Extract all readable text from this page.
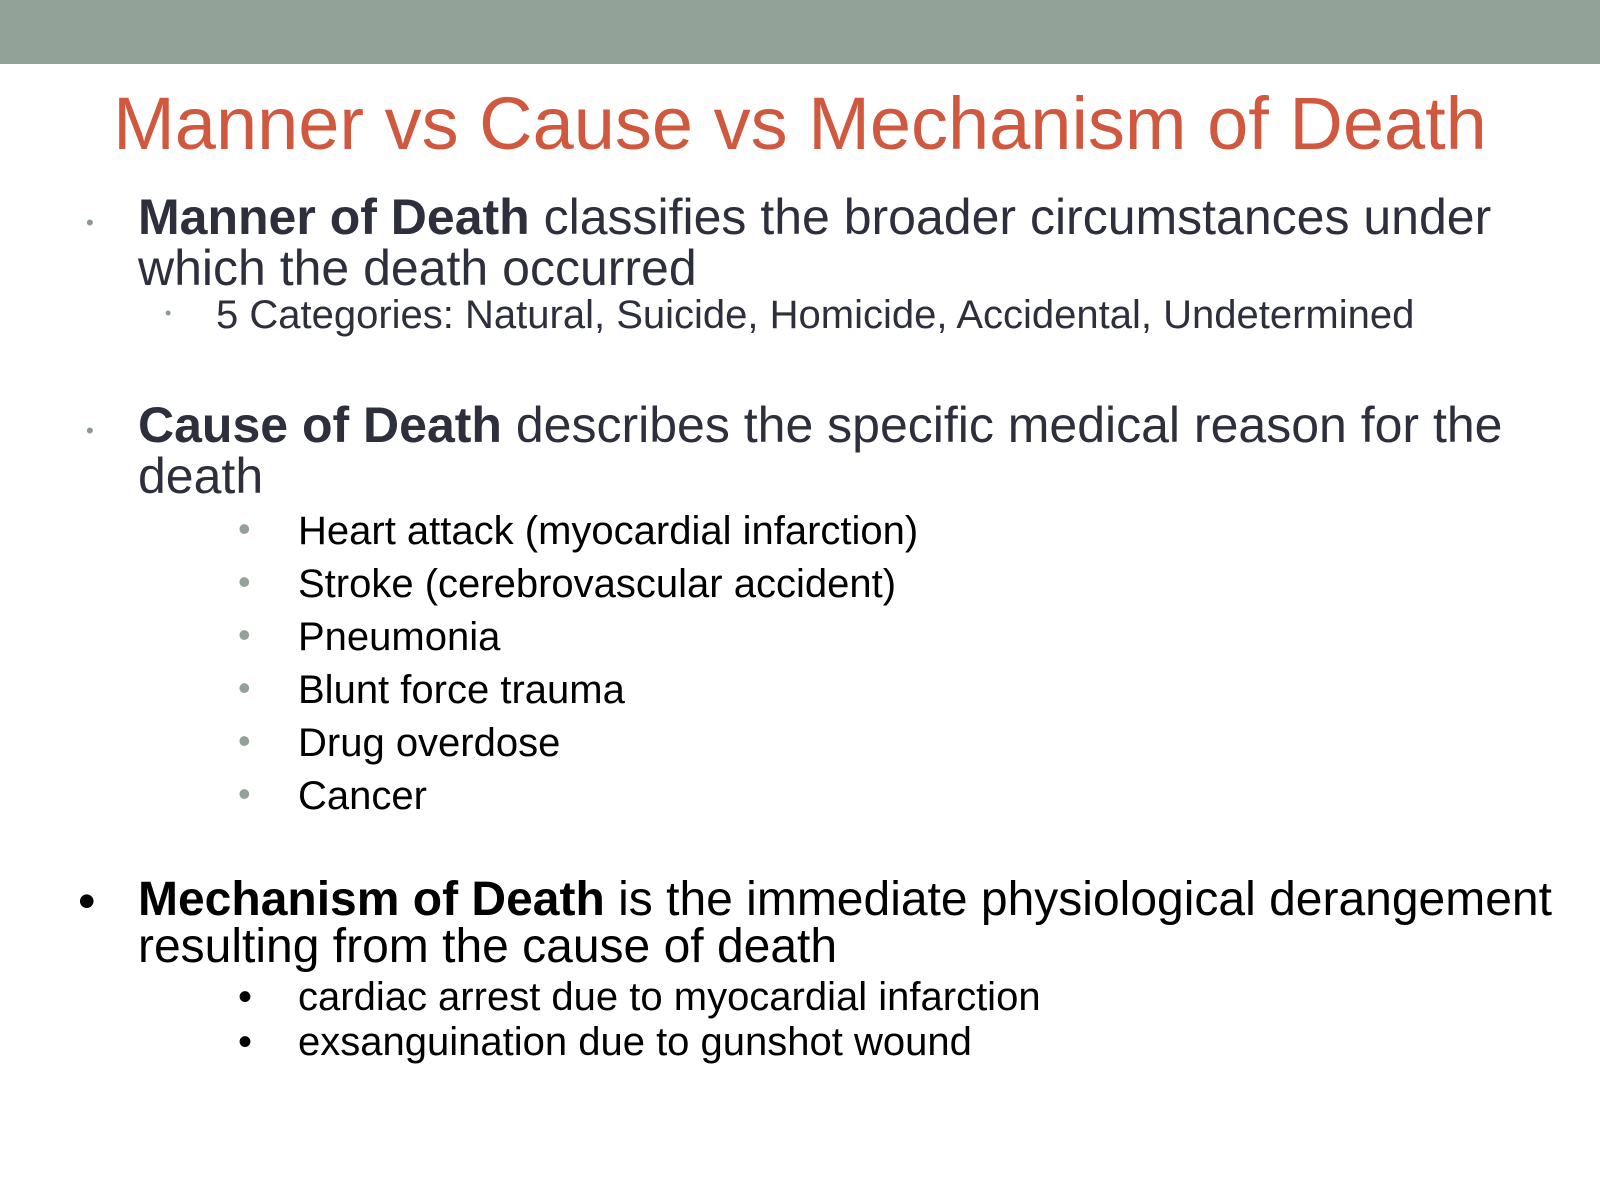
Manner vs Cause vs Mechanism of Death
• Manner of Death classifies the broader circumstances under which the death occurred
• 5 Categories: Natural, Suicide, Homicide, Accidental, Undetermined
• Cause of Death describes the specific medical reason for the death
• Heart attack (myocardial infarction)
• Stroke (cerebrovascular accident)
• Pneumonia
• Blunt force trauma
• Drug overdose
• Cancer
• Mechanism of Death is the immediate physiological derangement resulting from the cause of death
• cardiac arrest due to myocardial infarction
• exsanguination due to gunshot wound
